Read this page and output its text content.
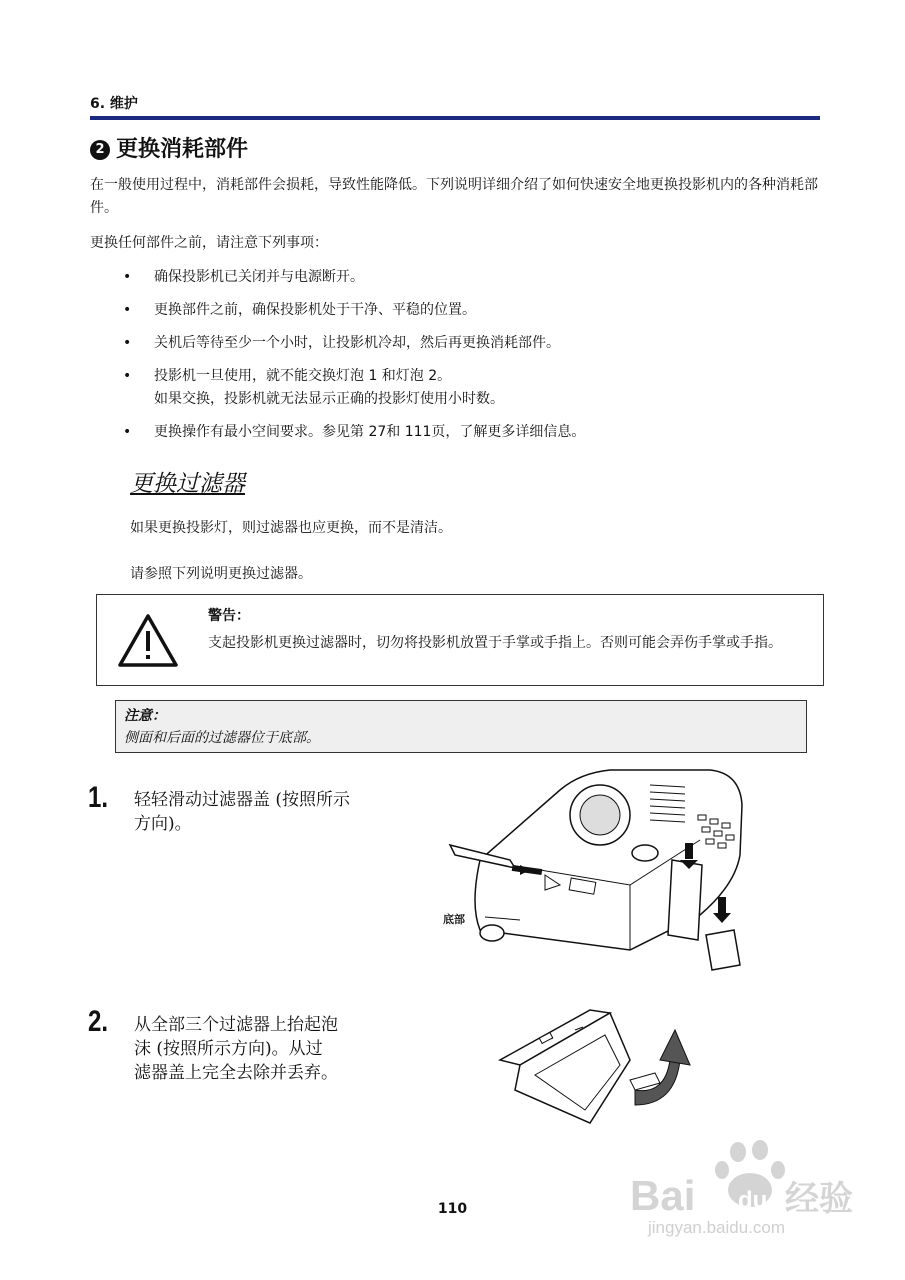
6. 维护
2 更换消耗部件
在一般使用过程中，消耗部件会损耗，导致性能降低。下列说明详细介绍了如何快速安全地更换投影机内的各种消耗部件。
更换任何部件之前，请注意下列事项：
• 确保投影机已关闭并与电源断开。
• 更换部件之前，确保投影机处于干净、平稳的位置。
• 关机后等待至少一个小时，让投影机冷却，然后再更换消耗部件。
• 投影机一旦使用，就不能交换灯泡 1 和灯泡 2。
如果交换，投影机就无法显示正确的投影灯使用小时数。
• 更换操作有最小空间要求。参见第 27和 111页，了解更多详细信息。
更换过滤器
如果更换投影灯，则过滤器也应更换，而不是清洁。
请参照下列说明更换过滤器。
警告：
支起投影机更换过滤器时，切勿将投影机放置于手掌或手指上。否则可能会弄伤手掌或手指。
注意：
侧面和后面的过滤器位于底部。
1. 轻轻滑动过滤器盖 (按照所示方向)。
底部
2. 从全部三个过滤器上抬起泡沫 (按照所示方向)。从过滤器盖上完全去除并丢弃。
110	Bai du 经验
jingyan.baidu.com
